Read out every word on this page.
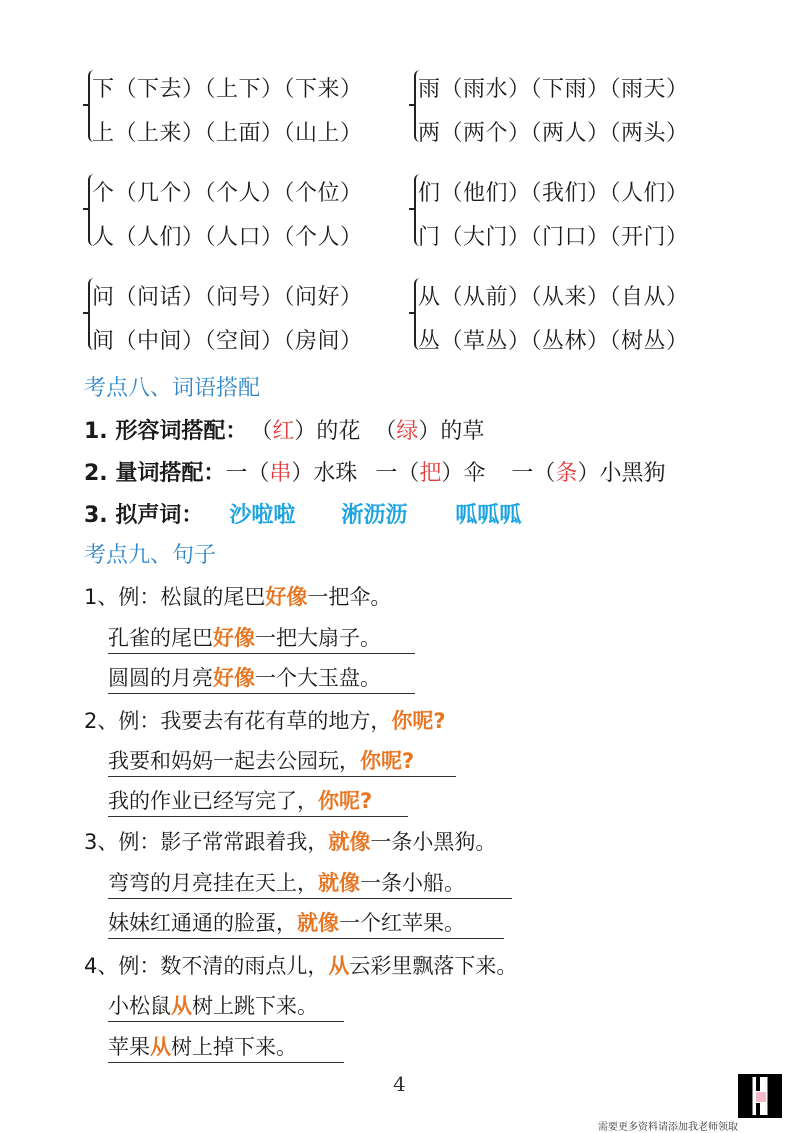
下（下去）（上下）（下来）
上（上来）（上面）（山上）
雨（雨水）（下雨）（雨天）
两（两个）（两人）（两头）
个（几个）（个人）（个位）
人（人们）（人口）（个人）
们（他们）（我们）（人们）
门（大门）（门口）（开门）
问（问话）（问号）（问好）
间（中间）（空间）（房间）
从（从前）（从来）（自从）
丛（草丛）（丛林）（树丛）
考点八、词语搭配
1. 形容词搭配： （红）的花 （绿）的草
2. 量词搭配：一（串）水珠 一（把）伞 一（条）小黑狗
3. 拟声词： 沙啦啦 淅沥沥 呱呱呱
考点九、句子
1、例：松鼠的尾巴好像一把伞。
孔雀的尾巴好像一把大扇子。
圆圆的月亮好像一个大玉盘。
2、例：我要去有花有草的地方，你呢?
我要和妈妈一起去公园玩，你呢?
我的作业已经写完了，你呢?
3、例：影子常常跟着我，就像一条小黑狗。
弯弯的月亮挂在天上，就像一条小船。
妹妹红通通的脸蛋，就像一个红苹果。
4、例：数不清的雨点儿，从云彩里飘落下来。
小松鼠从树上跳下来。
苹果从树上掉下来。
4
需要更多资料请添加我老师领取
